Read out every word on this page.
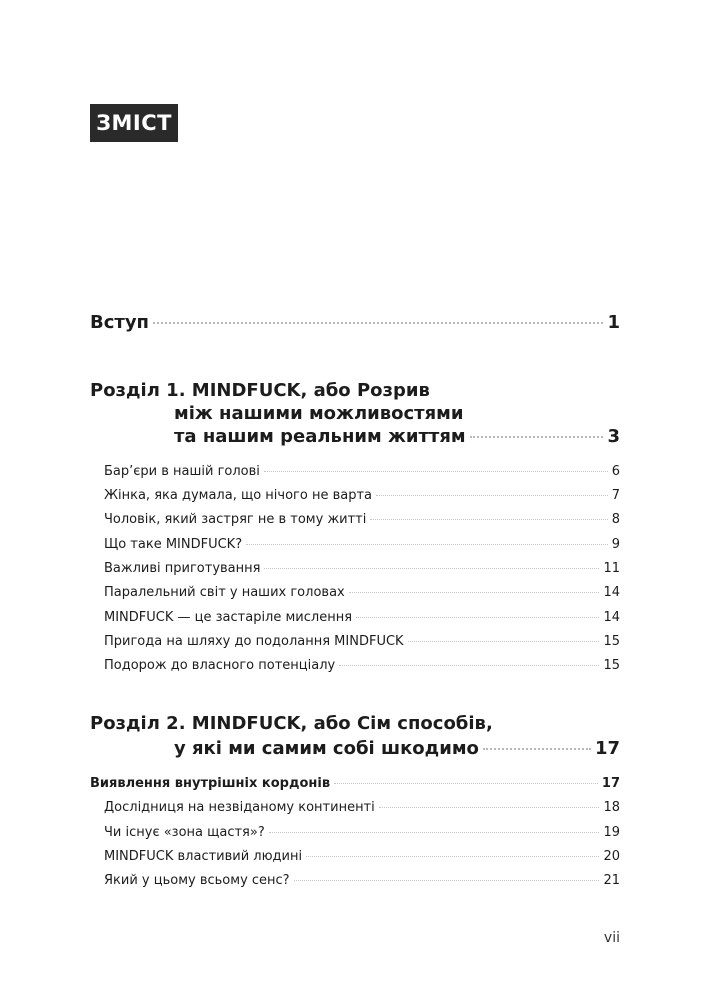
ЗМІСТ
Вступ	1
Розділ 1. MINDFUCK, або Розрив
між нашими можливостями
та нашим реальним життям	3
Бар’єри в нашій голові	6
Жінка, яка думала, що нічого не варта	7
Чоловік, який застряг не в тому житті	8
Що таке MINDFUCK?	9
Важливі приготування	11
Паралельний світ у наших головах	14
MINDFUCK — це застаріле мислення	14
Пригода на шляху до подолання MINDFUCK	15
Подорож до власного потенціалу	15
Розділ 2. MINDFUCK, або Сім способів,
у які ми самим собі шкодимо	17
Виявлення внутрішніх кордонів	17
Дослідниця на незвіданому континенті	18
Чи існує «зона щастя»?	19
MINDFUCK властивий людині	20
Який у цьому всьому сенс?	21
vii
